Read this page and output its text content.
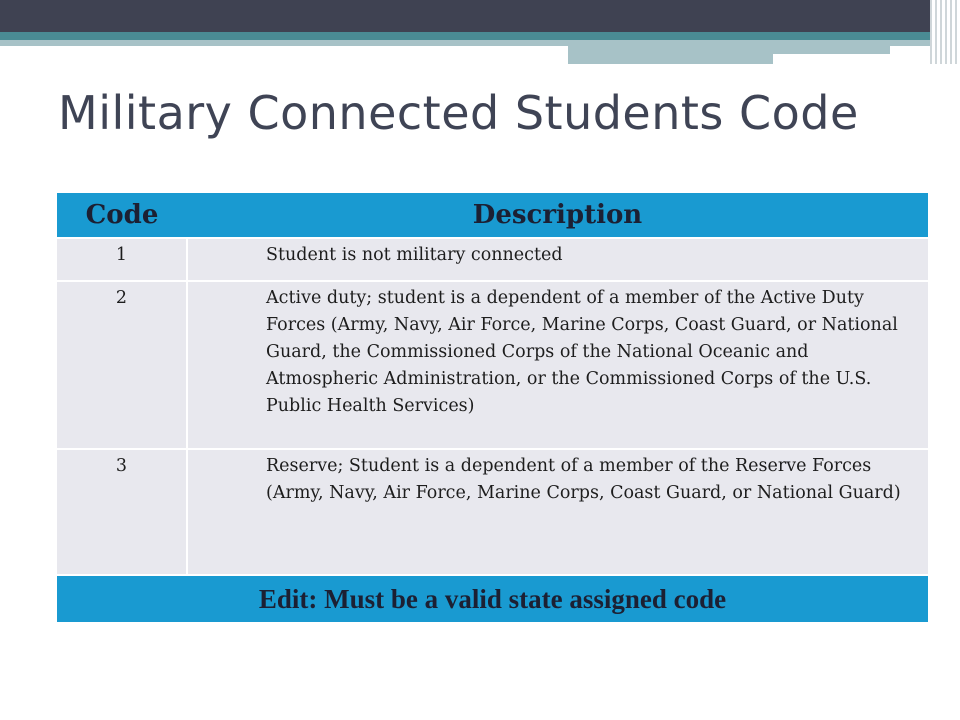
Military Connected Students Code
Code	Description
1	Student is not military connected
2	Active duty; student is a dependent of a member of the Active Duty Forces (Army, Navy, Air Force, Marine Corps, Coast Guard, or National Guard, the Commissioned Corps of the National Oceanic and Atmospheric Administration, or the Commissioned Corps of the U.S. Public Health Services)
3	Reserve; Student is a dependent of a member of the Reserve Forces (Army, Navy, Air Force, Marine Corps, Coast Guard, or National Guard)
Edit: Must be a valid state assigned code	
